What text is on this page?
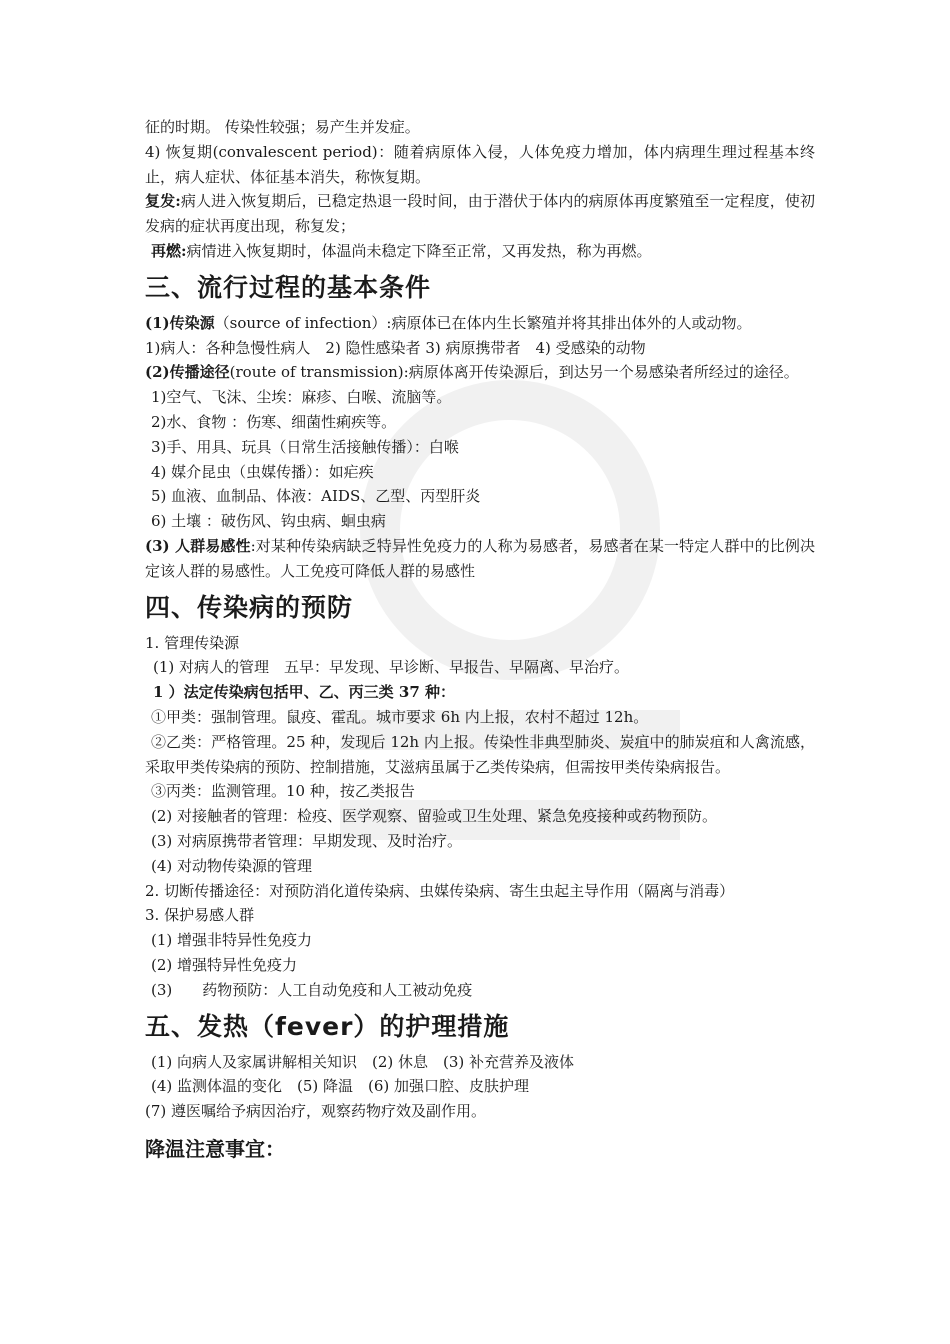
征的时期。 传染性较强；易产生并发症。

4) 恢复期(convalescent period)：随着病原体入侵，人体免疫力增加，体内病理生理过程基本终止，病人症状、体征基本消失，称恢复期。

复发:病人进入恢复期后，已稳定热退一段时间，由于潜伏于体内的病原体再度繁殖至一定程度，使初发病的症状再度出现，称复发；

再燃:病情进入恢复期时，体温尚未稳定下降至正常，又再发热，称为再燃。

三、流行过程的基本条件

(1)传染源（source of infection）:病原体已在体内生长繁殖并将其排出体外的人或动物。

1)病人：各种急慢性病人　2) 隐性感染者 3) 病原携带者　4) 受感染的动物

(2)传播途径(route of transmission):病原体离开传染源后，到达另一个易感染者所经过的途径。

1)空气、飞沫、尘埃：麻疹、白喉、流脑等。

2)水、食物 ：伤寒、细菌性痢疾等。

3)手、用具、玩具（日常生活接触传播）：白喉

4) 媒介昆虫（虫媒传播）：如疟疾

5) 血液、血制品、体液：AIDS、乙型、丙型肝炎

6) 土壤 ：破伤风、钩虫病、蛔虫病

(3) 人群易感性:对某种传染病缺乏特异性免疫力的人称为易感者，易感者在某一特定人群中的比例决定该人群的易感性。人工免疫可降低人群的易感性

四、传染病的预防

1. 管理传染源

(1) 对病人的管理　五早：早发现、早诊断、早报告、早隔离、早治疗。

1 ）法定传染病包括甲、乙、丙三类 37 种：

①甲类：强制管理。鼠疫、霍乱。城市要求 6h 内上报，农村不超过 12h。

②乙类：严格管理。25 种，发现后 12h 内上报。传染性非典型肺炎、炭疽中的肺炭疽和人禽流感，采取甲类传染病的预防、控制措施，艾滋病虽属于乙类传染病，但需按甲类传染病报告。

③丙类：监测管理。10 种，按乙类报告

(2) 对接触者的管理：检疫、医学观察、留验或卫生处理、紧急免疫接种或药物预防。

(3) 对病原携带者管理：早期发现、及时治疗。

(4) 对动物传染源的管理

2. 切断传播途径：对预防消化道传染病、虫媒传染病、寄生虫起主导作用（隔离与消毒）

3. 保护易感人群

(1) 增强非特异性免疫力

(2) 增强特异性免疫力

(3)　　药物预防：人工自动免疫和人工被动免疫

五、发热（fever）的护理措施

(1) 向病人及家属讲解相关知识　(2) 休息　(3) 补充营养及液体

(4) 监测体温的变化　(5) 降温　(6) 加强口腔、皮肤护理

(7) 遵医嘱给予病因治疗，观察药物疗效及副作用。

降温注意事宜：
